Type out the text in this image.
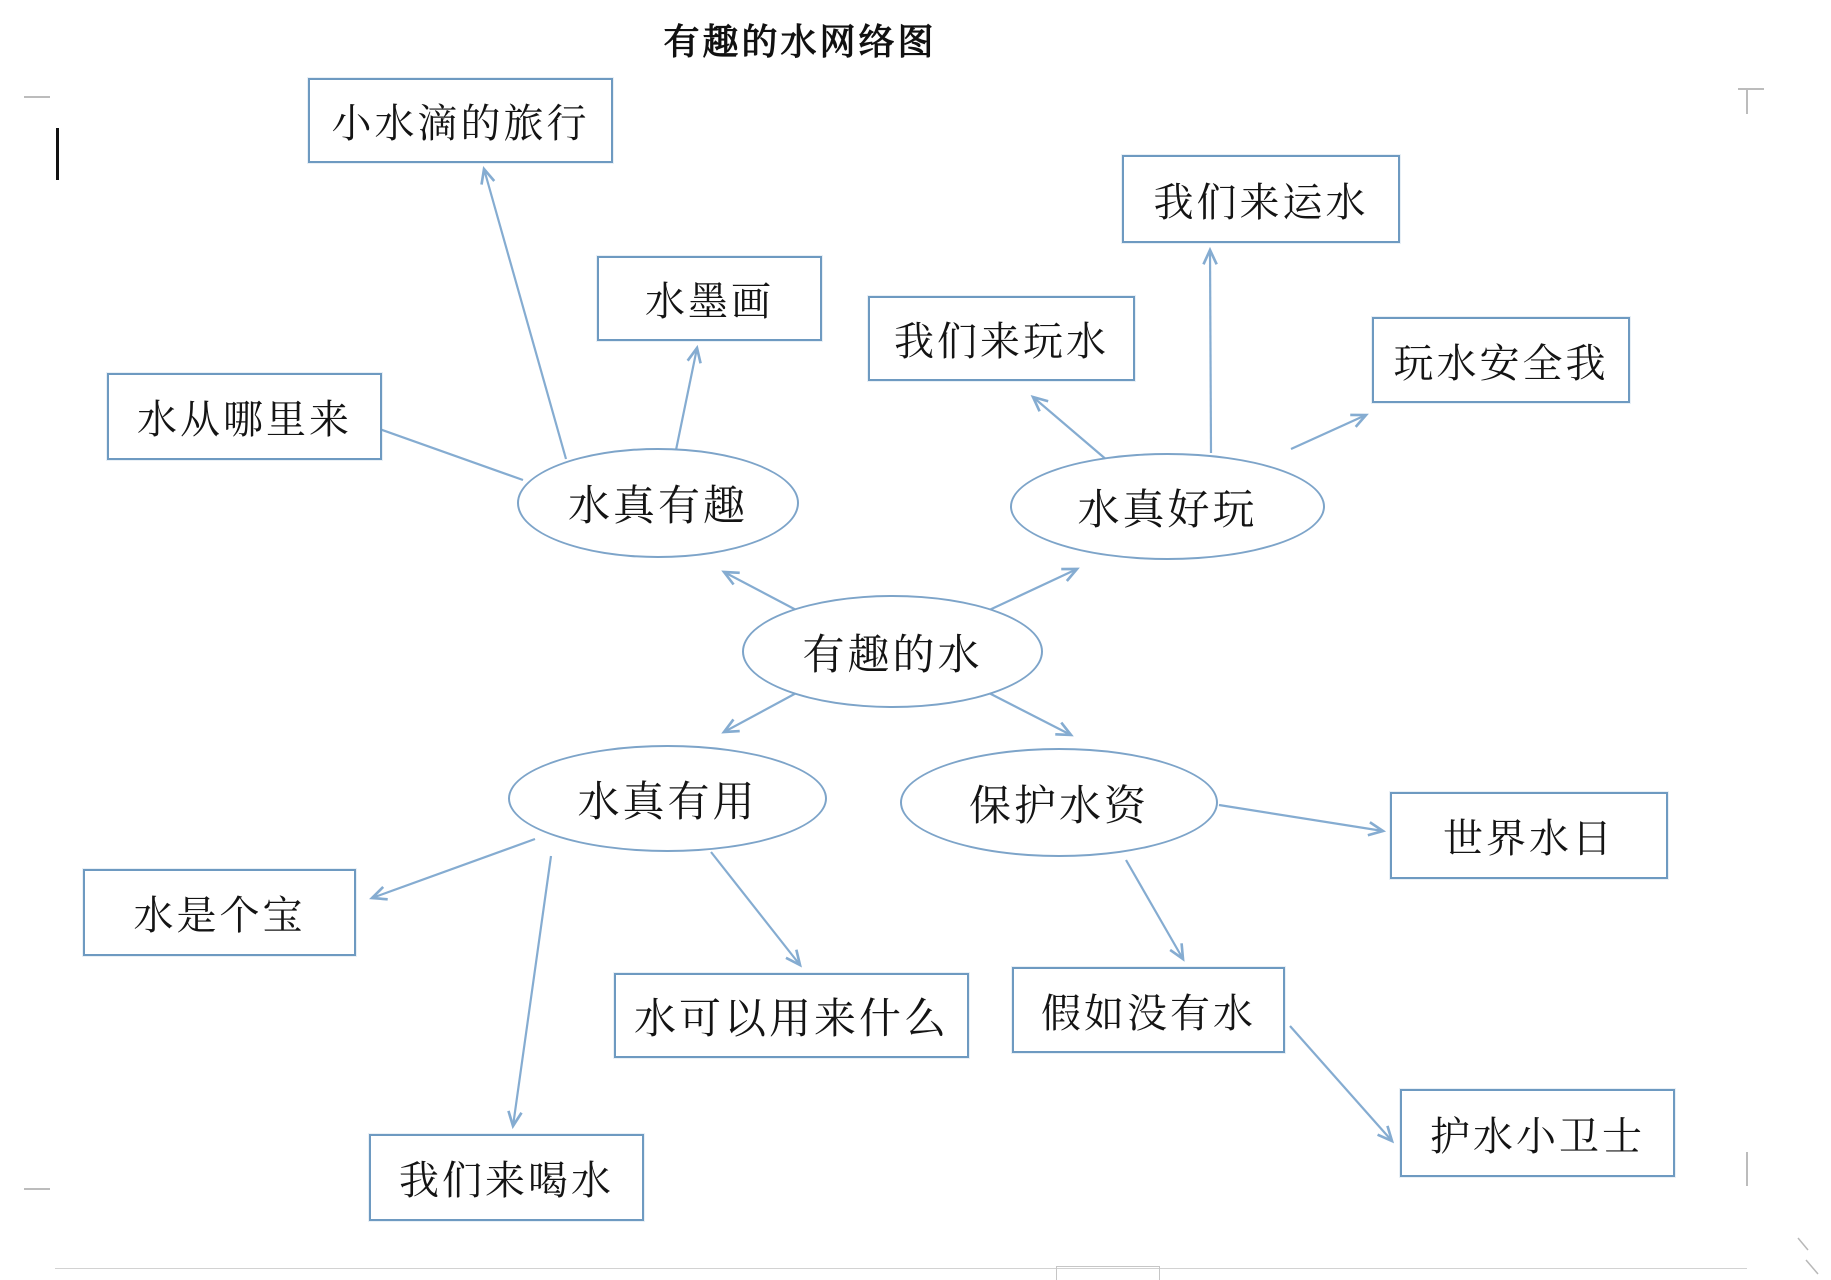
有趣的水网络图
有趣的水
水真有趣	水真好玩
水真有用	保护水资
小水滴的旅行
水墨画
水从哪里来
我们来玩水
我们来运水
玩水安全我
水是个宝
水可以用来什么
我们来喝水
世界水日
假如没有水
护水小卫士
